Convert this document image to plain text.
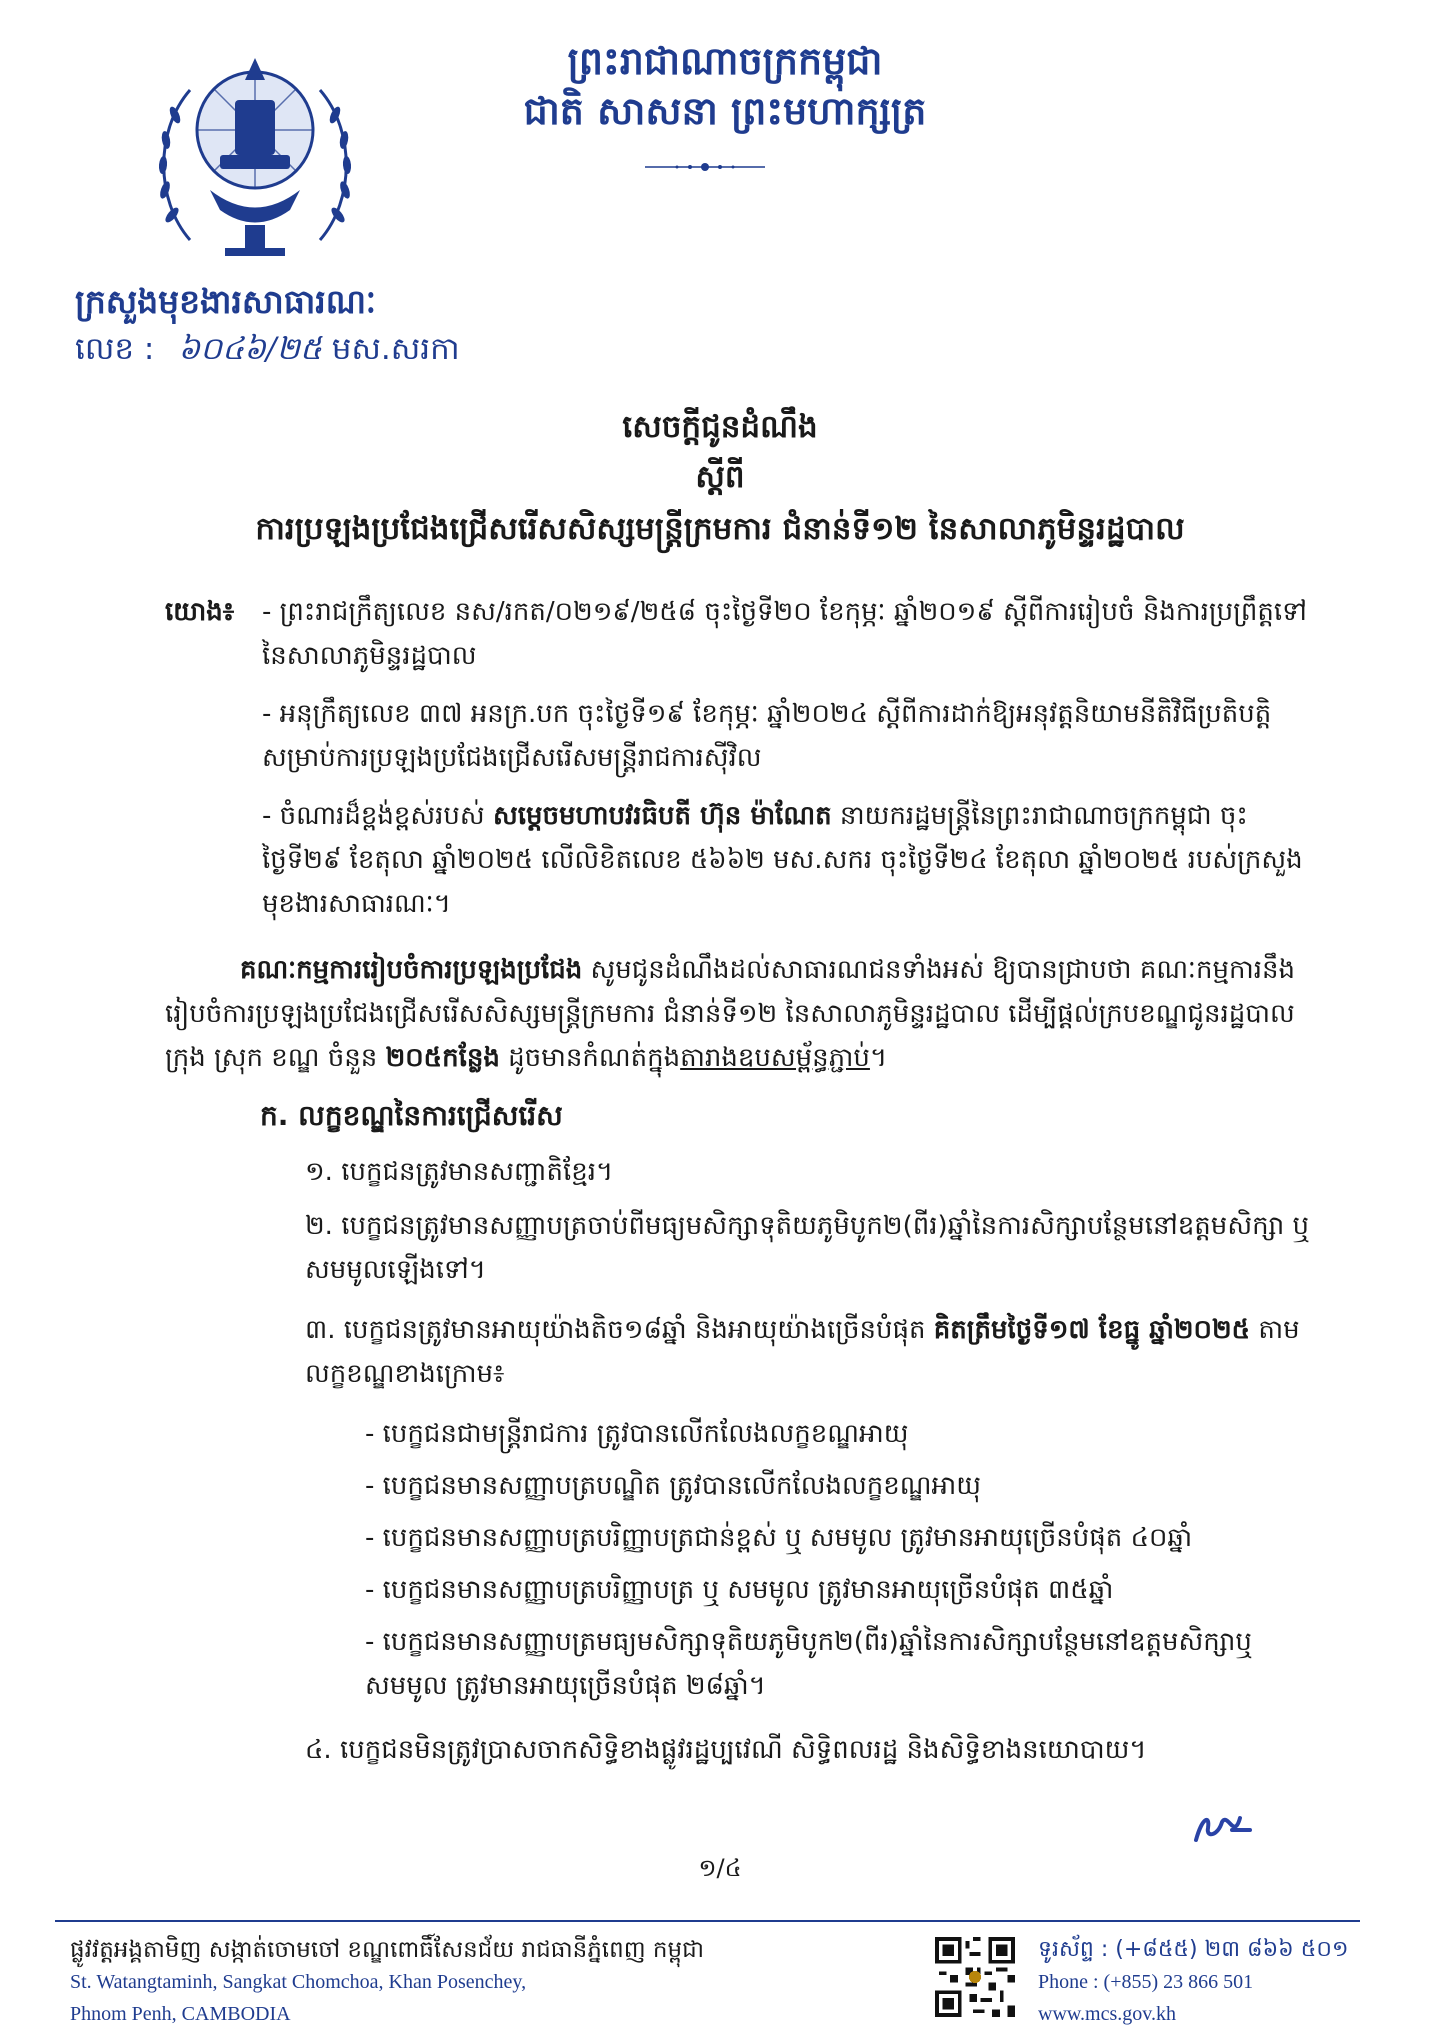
ព្រះរាជាណាចក្រកម្ពុជា
ជាតិ សាសនា ព្រះមហាក្សត្រ
ក្រសួងមុខងារសាធារណៈ
លេខ : ៦០៤៦/២៥ មស.សរកា
សេចក្ដីជូនដំណឹង
ស្ដីពី
ការប្រឡងប្រជែងជ្រើសរើសសិស្សមន្ត្រីក្រមការ ជំនាន់ទី១២ នៃសាលាភូមិន្ទរដ្ឋបាល
យោង៖ - ព្រះរាជក្រឹត្យលេខ នស/រកត/០២១៩/២៥៨ ចុះថ្ងៃទី២០ ខែកុម្ភៈ ឆ្នាំ២០១៩ ស្ដីពីការរៀបចំ និងការប្រព្រឹត្តទៅនៃសាលាភូមិន្ទរដ្ឋបាល
- អនុក្រឹត្យលេខ ៣៧ អនក្រ.បក ចុះថ្ងៃទី១៩ ខែកុម្ភៈ ឆ្នាំ២០២៤ ស្ដីពីការដាក់ឱ្យអនុវត្តនិយាមនីតិវិធីប្រតិបត្តិសម្រាប់ការប្រឡងប្រជែងជ្រើសរើសមន្ត្រីរាជការស៊ីវិល
- ចំណារដ៏ខ្ពង់ខ្ពស់របស់ សម្ដេចមហាបវរធិបតី ហ៊ុន ម៉ាណែត នាយករដ្ឋមន្ត្រីនៃព្រះរាជាណាចក្រកម្ពុជា ចុះថ្ងៃទី២៩ ខែតុលា ឆ្នាំ២០២៥ លើលិខិតលេខ ៥៦៦២ មស.សករ ចុះថ្ងៃទី២៤ ខែតុលា ឆ្នាំ២០២៥ របស់ក្រសួងមុខងារសាធារណៈ។
គណៈកម្មការរៀបចំការប្រឡងប្រជែង សូមជូនដំណឹងដល់សាធារណជនទាំងអស់ ឱ្យបានជ្រាបថា គណៈកម្មការនឹងរៀបចំការប្រឡងប្រជែងជ្រើសរើសសិស្សមន្ត្រីក្រមការ ជំនាន់ទី១២ នៃសាលាភូមិន្ទរដ្ឋបាល ដើម្បីផ្ដល់ក្របខណ្ឌជូនរដ្ឋបាលក្រុង ស្រុក ខណ្ឌ ចំនួន ២០៥កន្លែង ដូចមានកំណត់ក្នុងតារាងឧបសម្ព័ន្ធភ្ជាប់។
ក. លក្ខខណ្ឌនៃការជ្រើសរើស
១. បេក្ខជនត្រូវមានសញ្ជាតិខ្មែរ។
២. បេក្ខជនត្រូវមានសញ្ញាបត្រចាប់ពីមធ្យមសិក្សាទុតិយភូមិបូក២(ពីរ)ឆ្នាំនៃការសិក្សាបន្ថែមនៅឧត្តមសិក្សា ឬ សមមូលឡើងទៅ។
៣. បេក្ខជនត្រូវមានអាយុយ៉ាងតិច១៨ឆ្នាំ និងអាយុយ៉ាងច្រើនបំផុត គិតត្រឹមថ្ងៃទី១៧ ខែធ្នូ ឆ្នាំ២០២៥ តាមលក្ខខណ្ឌខាងក្រោម៖
- បេក្ខជនជាមន្ត្រីរាជការ ត្រូវបានលើកលែងលក្ខខណ្ឌអាយុ
- បេក្ខជនមានសញ្ញាបត្របណ្ឌិត ត្រូវបានលើកលែងលក្ខខណ្ឌអាយុ
- បេក្ខជនមានសញ្ញាបត្របរិញ្ញាបត្រជាន់ខ្ពស់ ឬ សមមូល ត្រូវមានអាយុច្រើនបំផុត ៤០ឆ្នាំ
- បេក្ខជនមានសញ្ញាបត្របរិញ្ញាបត្រ ឬ សមមូល ត្រូវមានអាយុច្រើនបំផុត ៣៥ឆ្នាំ
- បេក្ខជនមានសញ្ញាបត្រមធ្យមសិក្សាទុតិយភូមិបូក២(ពីរ)ឆ្នាំនៃការសិក្សាបន្ថែមនៅឧត្តមសិក្សាឬ សមមូល ត្រូវមានអាយុច្រើនបំផុត ២៨ឆ្នាំ។
៤. បេក្ខជនមិនត្រូវប្រាសចាកសិទ្ធិខាងផ្លូវរដ្ឋប្បវេណី សិទ្ធិពលរដ្ឋ និងសិទ្ធិខាងនយោបាយ។
១/៤
ផ្លូវវត្តអង្គតាមិញ សង្កាត់ចោមចៅ ខណ្ឌពោធិ៍សែនជ័យ រាជធានីភ្នំពេញ កម្ពុជា
St. Watangtaminh, Sangkat Chomchoa, Khan Posenchey,
Phnom Penh, CAMBODIA
ទូរស័ព្ទ : (+៨៥៥) ២៣ ៨៦៦ ៥០១
Phone : (+855) 23 866 501
www.mcs.gov.kh
